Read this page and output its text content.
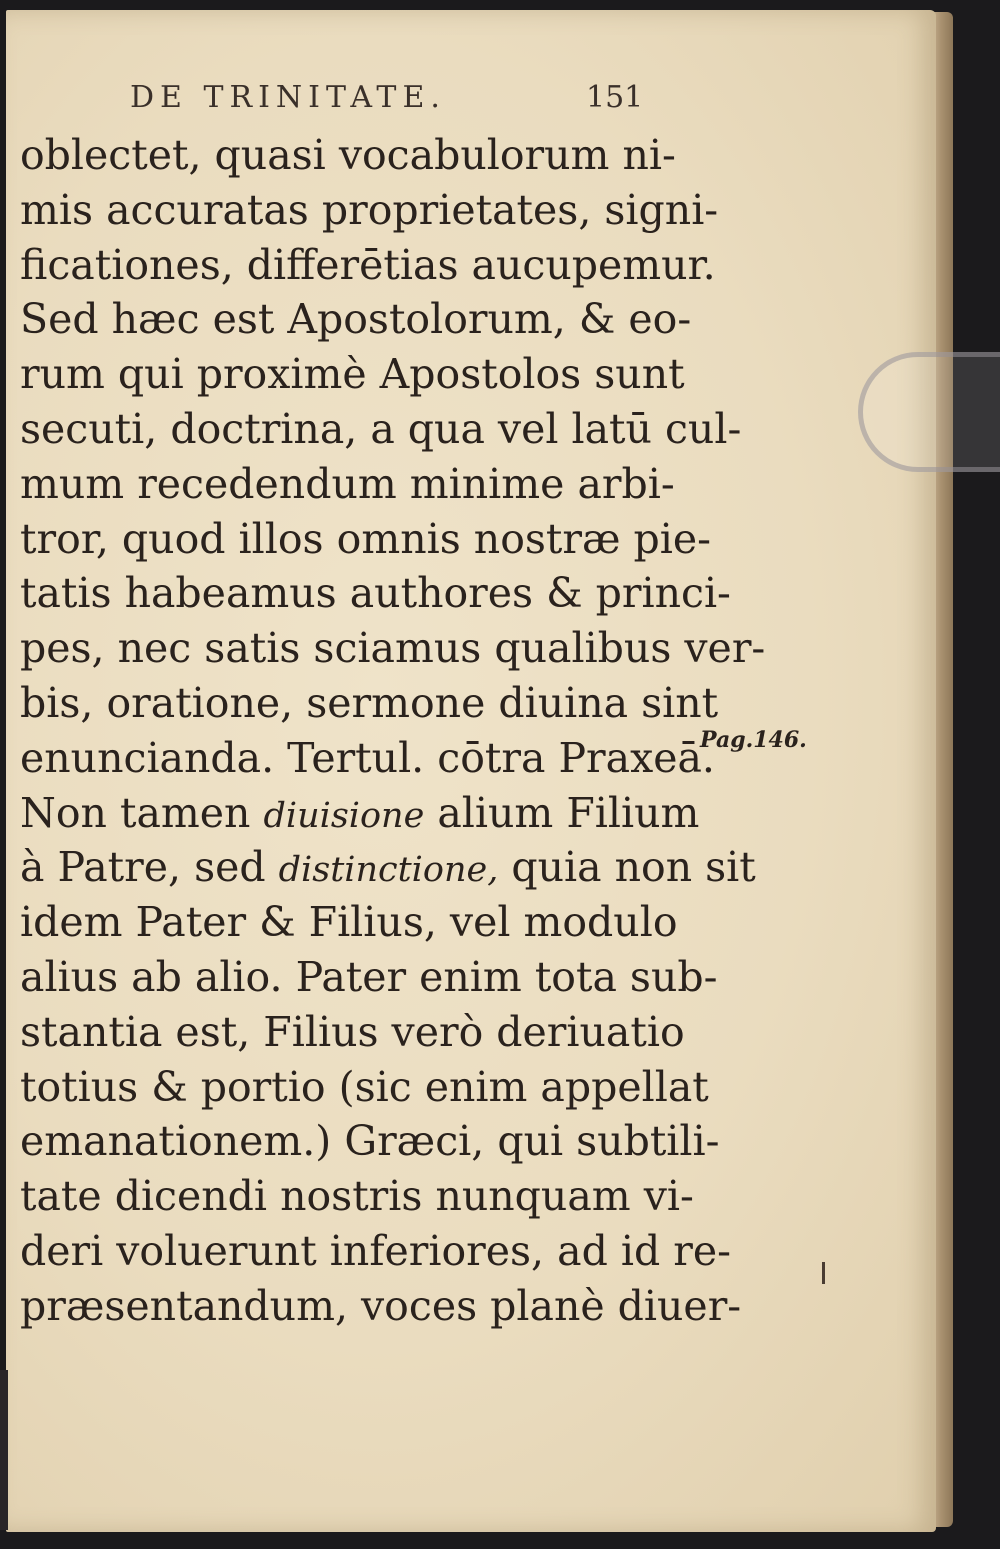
DE TRINITATE.	151
oblectet, quasi vocabulorum ni-
mis accuratas proprietates, signi-
ficationes, differētias aucupemur.
Sed hæc est Apostolorum, & eo-
rum qui proximè Apostolos sunt
secuti, doctrina, a qua vel latū cul-
mum recedendum minime arbi-
tror, quod illos omnis nostræ pie-
tatis habeamus authores & princi-
pes, nec satis sciamus qualibus ver-
bis, oratione, sermone diuina sint
enuncianda. Tertul. cōtra Praxeā.
Non tamen diuisione alium Filium
à Patre, sed distinctione, quia non sit
idem Pater & Filius, vel modulo
alius ab alio. Pater enim tota sub-
stantia est, Filius verò deriuatio
totius & portio (sic enim appellat
emanationem.) Græci, qui subtili-
tate dicendi nostris nunquam vi-
deri voluerunt inferiores, ad id re-
præsentandum, voces planè diuer-
Pag.146.
